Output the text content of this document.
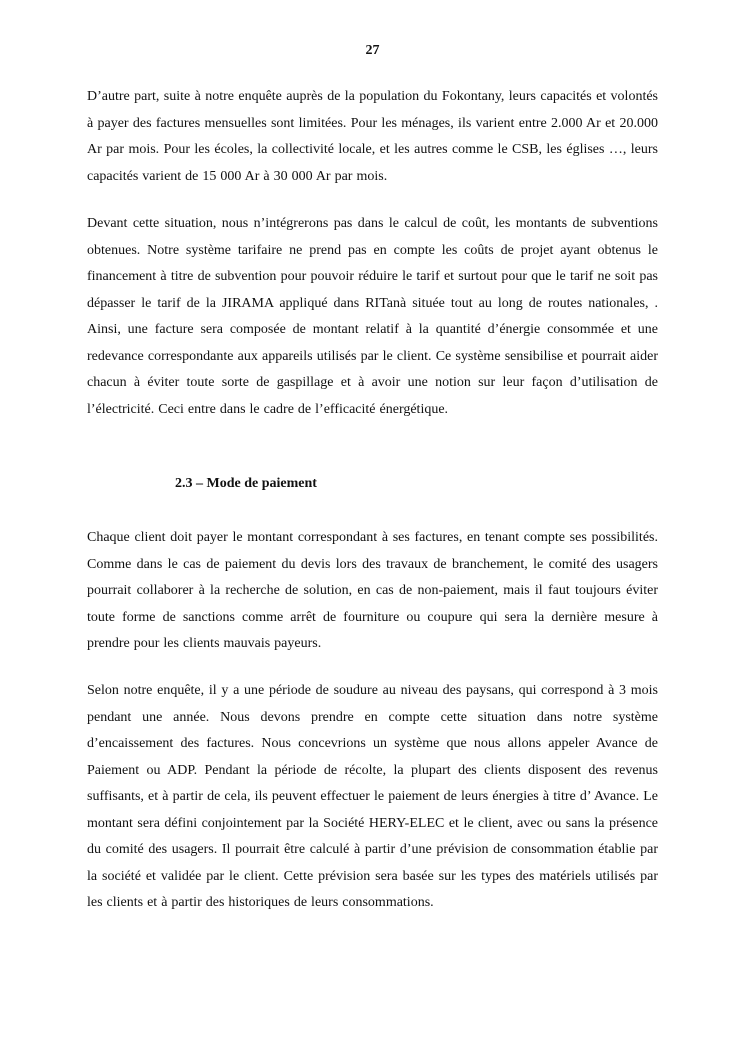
27

D’autre part, suite à notre enquête auprès de la population du Fokontany, leurs capacités et volontés à payer des factures mensuelles sont limitées. Pour les ménages, ils varient entre 2.000 Ar et 20.000 Ar par mois. Pour les écoles, la collectivité locale, et les autres comme le CSB, les églises …, leurs capacités varient de 15 000 Ar à 30 000 Ar par mois.

Devant cette situation, nous n’intégrerons pas dans le calcul de coût, les montants de subventions obtenues. Notre système tarifaire ne prend pas en compte les coûts de projet ayant obtenus le financement à titre de subvention pour pouvoir réduire le tarif et surtout pour que le tarif ne soit pas dépasser le tarif de la JIRAMA appliqué dans RITanà située tout au long de routes nationales, . Ainsi, une facture sera composée de montant relatif à la quantité d’énergie consommée et une redevance correspondante aux appareils utilisés par le client. Ce système sensibilise et pourrait aider chacun à éviter toute sorte de gaspillage et à avoir une notion sur leur façon d’utilisation de l’électricité. Ceci entre dans le cadre de l’efficacité énergétique.

2.3 – Mode de paiement

Chaque client doit payer le montant correspondant à ses factures, en tenant compte ses possibilités. Comme dans le cas de paiement du devis lors des travaux de branchement, le comité des usagers pourrait collaborer à la recherche de solution, en cas de non-paiement, mais il faut toujours éviter toute forme de sanctions comme arrêt de fourniture ou coupure qui sera la dernière mesure à prendre pour les clients mauvais payeurs.

Selon notre enquête, il y a une période de soudure au niveau des paysans, qui correspond à 3 mois pendant une année. Nous devons prendre en compte cette situation dans notre système d’encaissement des factures. Nous concevrions un système que nous allons appeler Avance de Paiement ou ADP. Pendant la période de récolte, la plupart des clients disposent des revenus suffisants, et à partir de cela, ils peuvent effectuer le paiement de leurs énergies à titre d’ Avance. Le montant sera défini conjointement par la Société HERY-ELEC et le client, avec ou sans la présence du comité des usagers. Il pourrait être calculé à partir d’une prévision de consommation établie par la société et validée par le client. Cette prévision sera basée sur les types des matériels utilisés par les clients et à partir des historiques de leurs consommations.
